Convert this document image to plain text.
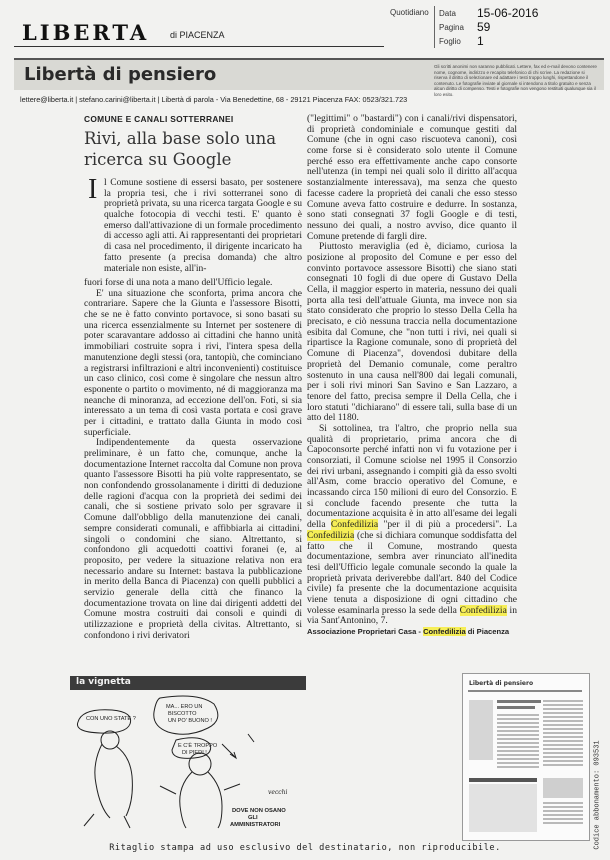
LIBERTA di PIACENZA
Quotidiano Data 15-06-2016
Pagina 59
Foglio 1
Libertà di pensiero	Gli scritti anonimi non saranno pubblicati. Lettere, fax ed e-mail devono contenere nome, cognome, indirizzo e recapito telefonico di chi scrive. La redazione si riserva il diritto di selezionare ed adattare i testi troppo lunghi, rispettandone il contenuto. Le fotografie inviate al giornale si intendono a titolo gratuito e senza alcun diritto di compenso. Testi e fotografie non vengono restituiti qualunque sia il loro esito.
lettere@liberta.it | stefano.carini@liberta.it | Libertà di parola - Via Benedettine, 68 - 29121 Piacenza FAX: 0523/321.723
COMUNE E CANALI SOTTERRANEI
Rivi, alla base solo una ricerca su Google

Il Comune sostiene di essersi basato, per sostenere la propria tesi, che i rivi sotterranei sono di proprietà privata, su una ricerca targata Google e su qualche fotocopia di vecchi testi. E' quanto è emerso dall'attivazione di un formale procedimento di accesso agli atti. Ai rappresentanti dei proprietari di casa nel procedimento, il dirigente incaricato ha fatto presente (a precisa domanda) che altro materiale non esiste, all'in-

fuori forse di una nota a mano dell'Ufficio legale.

E' una situazione che sconforta, prima ancora che contrariare. Sapere che la Giunta e l'assessore Bisotti, che se ne è fatto convinto portavoce, si sono basati su una ricerca essenzialmente su Internet per sostenere di poter scaravantare addosso ai cittadini che hanno unità immobiliari costruite sopra i rivi, l'intera spesa della manutenzione degli stessi (ora, tantopiù, che cominciano a registrarsi infiltrazioni e altri inconvenienti) costituisce un caso clinico, così come è singolare che nessun altro esponente o partito o movimento, né di maggioranza ma neanche di minoranza, ad eccezione dell'on. Foti, si sia interessato a un tema di così vasta portata e così grave per i cittadini, e trattato dalla Giunta in modo così superficiale.

Indipendentemente da questa osservazione preliminare, è un fatto che, comunque, anche la documentazione Internet raccolta dal Comune non prova quanto l'assessore Bisotti ha più volte rappresentato, se non confondendo grossolanamente i diritti di deduzione delle ragioni d'acqua con la proprietà dei sedimi dei canali, che si sostiene privato solo per sgravare il Comune dall'obbligo della manutenzione dei canali, sempre considerati comunali, e affibbiarla ai cittadini, singoli o condomini che siano. Altrettanto, si confondono gli acquedotti coattivi foranei (e, al proposito, per vedere la situazione relativa non era necessario andare su Internet: bastava la pubblicazione in merito della Banca di Piacenza) con quelli pubblici a servizio generale della città che financo la documentazione trovata on line dai dirigenti addetti del Comune mostra costruiti dai consoli e quindi di utilizzazione e proprietà della civitas. Altrettanto, si confondono i rivi derivatori

("legittimi" o "bastardi") con i canali/rivi dispensatori, di proprietà condominiale e comunque gestiti dal Comune (che in ogni caso riscuoteva canoni), così come forse si è considerato solo utente il Comune perché esso era effettivamente anche capo consorte nell'utenza (in tempi nei quali solo il diritto all'acqua sostanzialmente interessava), ma senza che questo facesse cadere la proprietà dei canali che esso stesso Comune aveva fatto costruire e dedurre. In sostanza, sono stati consegnati 37 fogli Google e di testi, nessuno dei quali, a nostro avviso, dice quanto il Comune pretende di fargli dire.

Piuttosto meraviglia (ed è, diciamo, curiosa la posizione al proposito del Comune e per esso del convinto portavoce assessore Bisotti) che siano stati consegnati 10 fogli di due opere di Gustavo Della Cella, il maggior esperto in materia, nessuno dei quali porta alla tesi dell'attuale Giunta, ma invece non sia stato considerato che proprio lo stesso Della Cella ha precisato, e ciò nessuna traccia nella documentazione esibita dal Comune, che "non tutti i rivi, nei quali si ripartisce la Ragione comunale, sono di proprietà del Comune di Piacenza", dovendosi dubitare della proprietà del Demanio comunale, come peraltro sostenuto in una causa nell'800 dai legali comunali, per i soli rivi minori San Savino e San Lazzaro, a tenore del fatto, precisa sempre il Della Cella, che i loro statuti "dichiarano" di essere tali, sulla base di un atto del 1180.

Si sottolinea, tra l'altro, che proprio nella sua qualità di proprietario, prima ancora che di Capoconsorte perché infatti non vi fu votazione per i consorziati, il Comune sciolse nel 1995 il Consorzio dei rivi urbani, assegnando i compiti già da esso svolti all'Asm, come braccio operativo del Comune, e incassando circa 150 milioni di euro del Consorzio. E si conclude facendo presente che tutta la documentazione acquisita è in atto all'esame dei legali della Confedilizia "per il di più a procedersi". La Confedilizia (che si dichiara comunque soddisfatta del fatto che il Comune, mostrando questa documentazione, sembra aver rinunciato all'inedita tesi dell'Ufficio legale comunale secondo la quale la proprietà privata deriverebbe dall'art. 840 del Codice civile) fa presente che la documentazione acquisita viene tenuta a disposizione di ogni cittadino che volesse esaminarla presso la sede della Confedilizia in via Sant'Antonino, 7.

Associazione Proprietari Casa - Confedilizia di Piacenza

la vignetta
CON UNO STATE ?
MA... ERO UN
BISCOTTO
UN PO' BUONO !
E C'È TROPPO
DI PIEDI !
DOVE NON OSANO
GLI
AMMINISTRATORI
vecchi
Libertà di pensiero
Codice abbonamento: 093531
Ritaglio stampa ad uso esclusivo del destinatario, non riproducibile.
